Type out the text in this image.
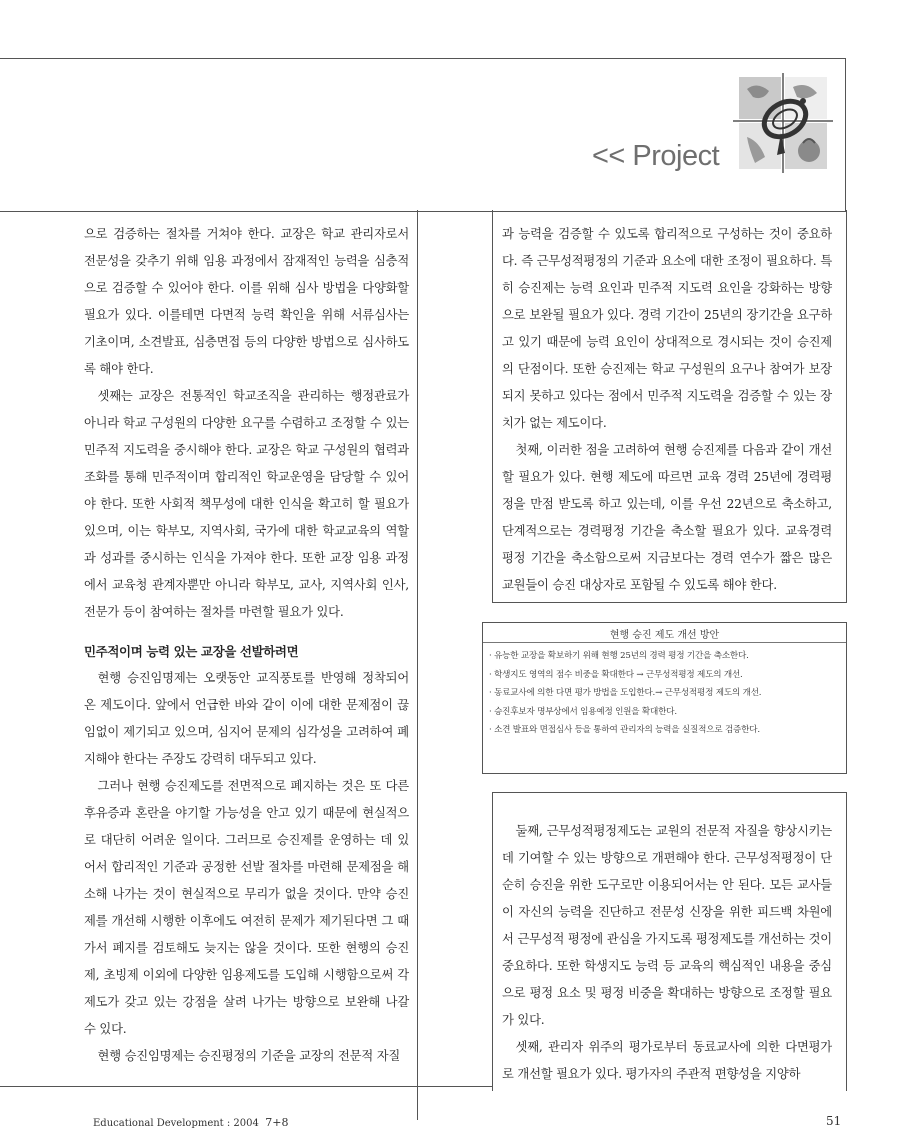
<< Project

으로 검증하는 절차를 거쳐야 한다. 교장은 학교 관리자로서 전문성을 갖추기 위해 임용 과정에서 잠재적인 능력을 심층적으로 검증할 수 있어야 한다. 이를 위해 심사 방법을 다양화할 필요가 있다. 이를테면 다면적 능력 확인을 위해 서류심사는 기초이며, 소견발표, 심층면접 등의 다양한 방법으로 심사하도록 해야 한다.

셋째는 교장은 전통적인 학교조직을 관리하는 행정관료가 아니라 학교 구성원의 다양한 요구를 수렴하고 조정할 수 있는 민주적 지도력을 중시해야 한다. 교장은 학교 구성원의 협력과 조화를 통해 민주적이며 합리적인 학교운영을 담당할 수 있어야 한다. 또한 사회적 책무성에 대한 인식을 확고히 할 필요가 있으며, 이는 학부모, 지역사회, 국가에 대한 학교교육의 역할과 성과를 중시하는 인식을 가져야 한다. 또한 교장 임용 과정에서 교육청 관계자뿐만 아니라 학부모, 교사, 지역사회 인사, 전문가 등이 참여하는 절차를 마련할 필요가 있다.

민주적이며 능력 있는 교장을 선발하려면

현행 승진임명제는 오랫동안 교직풍토를 반영해 정착되어 온 제도이다. 앞에서 언급한 바와 같이 이에 대한 문제점이 끊임없이 제기되고 있으며, 심지어 문제의 심각성을 고려하여 폐지해야 한다는 주장도 강력히 대두되고 있다.

그러나 현행 승진제도를 전면적으로 폐지하는 것은 또 다른 후유증과 혼란을 야기할 가능성을 안고 있기 때문에 현실적으로 대단히 어려운 일이다. 그러므로 승진제를 운영하는 데 있어서 합리적인 기준과 공정한 선발 절차를 마련해 문제점을 해소해 나가는 것이 현실적으로 무리가 없을 것이다. 만약 승진제를 개선해 시행한 이후에도 여전히 문제가 제기된다면 그 때가서 폐지를 검토해도 늦지는 않을 것이다. 또한 현행의 승진제, 초빙제 이외에 다양한 임용제도를 도입해 시행함으로써 각 제도가 갖고 있는 강점을 살려 나가는 방향으로 보완해 나갈 수 있다.

현행 승진임명제는 승진평정의 기준을 교장의 전문적 자질

과 능력을 검증할 수 있도록 합리적으로 구성하는 것이 중요하다. 즉 근무성적평정의 기준과 요소에 대한 조정이 필요하다. 특히 승진제는 능력 요인과 민주적 지도력 요인을 강화하는 방향으로 보완될 필요가 있다. 경력 기간이 25년의 장기간을 요구하고 있기 때문에 능력 요인이 상대적으로 경시되는 것이 승진제의 단점이다. 또한 승진제는 학교 구성원의 요구나 참여가 보장되지 못하고 있다는 점에서 민주적 지도력을 검증할 수 있는 장치가 없는 제도이다.

첫째, 이러한 점을 고려하여 현행 승진제를 다음과 같이 개선할 필요가 있다. 현행 제도에 따르면 교육 경력 25년에 경력평정을 만점 받도록 하고 있는데, 이를 우선 22년으로 축소하고, 단계적으로는 경력평정 기간을 축소할 필요가 있다. 교육경력 평정 기간을 축소함으로써 지금보다는 경력 연수가 짧은 많은 교원들이 승진 대상자로 포함될 수 있도록 해야 한다.

현행 승진 제도 개선 방안
· 유능한 교장을 확보하기 위해 현행 25년의 경력 평정 기간을 축소한다.
· 학생지도 영역의 점수 비중을 확대한다 → 근무성적평정 제도의 개선.
· 동료교사에 의한 다면 평가 방법을 도입한다.→ 근무성적평정 제도의 개선.
· 승진후보자 명부상에서 임용예정 인원을 확대한다.
· 소견 발표와 면접심사 등을 통하여 관리자의 능력을 실질적으로 검증한다.

둘째, 근무성적평정제도는 교원의 전문적 자질을 향상시키는 데 기여할 수 있는 방향으로 개편해야 한다. 근무성적평정이 단순히 승진을 위한 도구로만 이용되어서는 안 된다. 모든 교사들이 자신의 능력을 진단하고 전문성 신장을 위한 피드백 차원에서 근무성적 평정에 관심을 가지도록 평정제도를 개선하는 것이 중요하다. 또한 학생지도 능력 등 교육의 핵심적인 내용을 중심으로 평정 요소 및 평정 비중을 확대하는 방향으로 조정할 필요가 있다.

셋째, 관리자 위주의 평가로부터 동료교사에 의한 다면평가로 개선할 필요가 있다. 평가자의 주관적 편향성을 지양하

Educational Development : 2004 7+8	51
